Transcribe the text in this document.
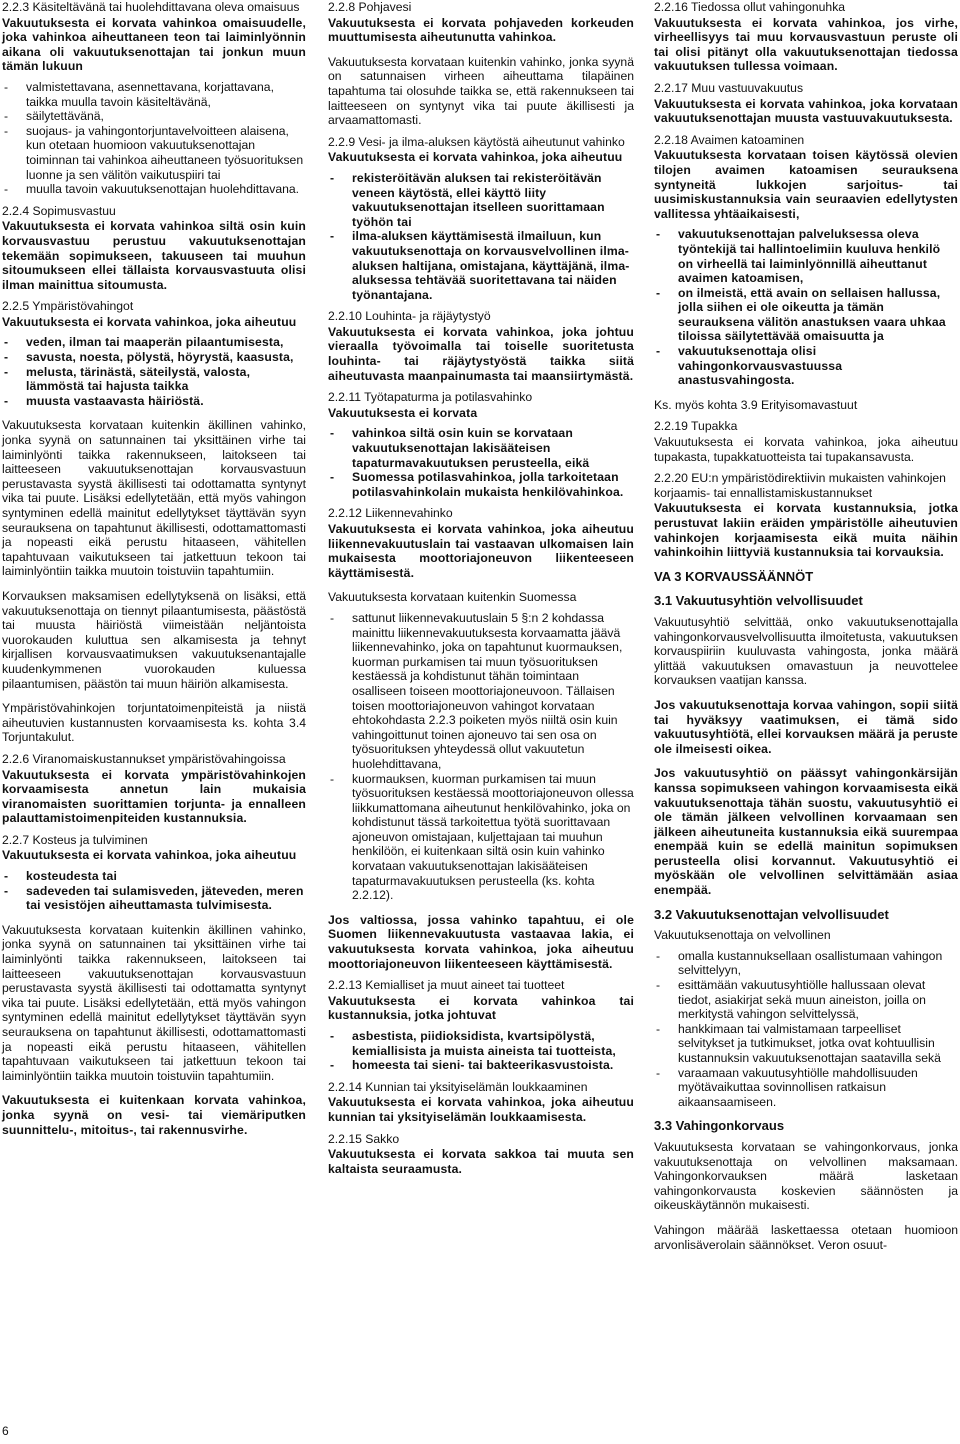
2.2.3 Käsiteltävänä tai huolehdittavana oleva omaisuus
Vakuutuksesta ei korvata vahinkoa omaisuudelle, joka vahinkoa aiheuttaneen teon tai laiminlyönnin aikana oli vakuutuksenottajan tai jonkun muun tämän lukuun
- valmistettavana, asennettavana, korjattavana, taikka muulla tavoin käsiteltävänä,
- säilytettävänä,
- suojaus- ja vahingontorjuntavelvoitteen alaisena, kun otetaan huomioon vakuutuksenottajan toiminnan tai vahinkoa aiheuttaneen työsuorituksen luonne ja sen välitön vaikutuspiiri tai
- muulla tavoin vakuutuksenottajan huolehdittavana.
2.2.4 Sopimusvastuu
Vakuutuksesta ei korvata vahinkoa siltä osin kuin korvausvastuu perustuu vakuutuksenottajan tekemään sopimukseen, takuuseen tai muuhun sitoumukseen ellei tällaista korvausvastuuta olisi ilman mainittua sitoumusta.
2.2.5 Ympäristövahingot
Vakuutuksesta ei korvata vahinkoa, joka aiheutuu
- veden, ilman tai maaperän pilaantumisesta,
- savusta, noesta, pölystä, höyrystä, kaasusta,
- melusta, tärinästä, säteilystä, valosta, lämmöstä tai hajusta taikka
- muusta vastaavasta häiriöstä.
Vakuutuksesta korvataan kuitenkin äkillinen vahinko, jonka syynä on satunnainen tai yksittäinen virhe tai laiminlyönti taikka rakennukseen, laitokseen tai laitteeseen vakuutuksenottajan korvausvastuun perustavasta syystä äkillisesti tai odottamatta syntynyt vika tai puute. Lisäksi edellytetään, että myös vahingon syntyminen edellä mainitut edellytykset täyttävän syyn seurauksena on tapahtunut äkillisesti, odottamattomasti ja nopeasti eikä perustu hitaaseen, vähitellen tapahtuvaan vaikutukseen tai jatkettuun tekoon tai laiminlyöntiin taikka muutoin toistuviin tapahtumiin.
Korvauksen maksamisen edellytyksenä on lisäksi, että vakuutuksenottaja on tiennyt pilaantumisesta, päästöstä tai muusta häiriöstä viimeistään neljäntoista vuorokauden kuluttua sen alkamisesta ja tehnyt kirjallisen korvausvaatimuksen vakuutuksenantajalle kuudenkymmenen vuorokauden kuluessa pilaantumisen, päästön tai muun häiriön alkamisesta.
Ympäristövahinkojen torjuntatoimenpiteistä ja niistä aiheutuvien kustannusten korvaamisesta ks. kohta 3.4 Torjuntakulut.
2.2.6 Viranomaiskustannukset ympäristövahingoissa
Vakuutuksesta ei korvata ympäristövahinkojen korvaamisesta annetun lain mukaisia viranomaisten suorittamien torjunta- ja ennalleen palauttamistoimenpiteiden kustannuksia.
2.2.7 Kosteus ja tulviminen
Vakuutuksesta ei korvata vahinkoa, joka aiheutuu
- kosteudesta tai
- sadeveden tai sulamisveden, jäteveden, meren tai vesistöjen aiheuttamasta tulvimisesta.
Vakuutuksesta korvataan kuitenkin äkillinen vahinko, jonka syynä on satunnainen tai yksittäinen virhe tai laiminlyönti taikka rakennukseen, laitokseen tai laitteeseen vakuutuksenottajan korvausvastuun perustavasta syystä äkillisesti tai odottamatta syntynyt vika tai puute. Lisäksi edellytetään, että myös vahingon syntyminen edellä mainitut edellytykset täyttävän syyn seurauksena on tapahtunut äkillisesti, odottamattomasti ja nopeasti eikä perustu hitaaseen, vähitellen tapahtuvaan vaikutukseen tai jatkettuun tekoon tai laiminlyöntiin taikka muutoin toistuviin tapahtumiin.
Vakuutuksesta ei kuitenkaan korvata vahinkoa, jonka syynä on vesi- tai viemäriputken suunnittelu-, mitoitus-, tai rakennusvirhe.
2.2.8 Pohjavesi
Vakuutuksesta ei korvata pohjaveden korkeuden muuttumisesta aiheutunutta vahinkoa.
Vakuutuksesta korvataan kuitenkin vahinko, jonka syynä on satunnaisen virheen aiheuttama tilapäinen tapahtuma tai olosuhde taikka se, että rakennukseen tai laitteeseen on syntynyt vika tai puute äkillisesti ja arvaamattomasti.
2.2.9 Vesi- ja ilma-aluksen käytöstä aiheutunut vahinko
Vakuutuksesta ei korvata vahinkoa, joka aiheutuu
- rekisteröitävän aluksen tai rekisteröitävän veneen käytöstä, ellei käyttö liity vakuutuksenottajan itselleen suorittamaan työhön tai
- ilma-aluksen käyttämisestä ilmailuun, kun vakuutuksenottaja on korvausvelvollinen ilma-aluksen haltijana, omistajana, käyttäjänä, ilma-aluksessa tehtävää suoritettavana tai näiden työnantajana.
2.2.10 Louhinta- ja räjäytystyö
Vakuutuksesta ei korvata vahinkoa, joka johtuu vieraalla työvoimalla tai toiselle suoritetusta louhinta- tai räjäytystyöstä taikka siitä aiheutuvasta maanpainumasta tai maansiirtymästä.
2.2.11 Työtapaturma ja potilasvahinko
Vakuutuksesta ei korvata
- vahinkoa siltä osin kuin se korvataan vakuutuksenottajan lakisääteisen tapaturmavakuutuksen perusteella, eikä
- Suomessa potilasvahinkoa, jolla tarkoitetaan potilasvahinkolain mukaista henkilövahinkoa.
2.2.12 Liikennevahinko
Vakuutuksesta ei korvata vahinkoa, joka aiheutuu liikennevakuutuslain tai vastaavan ulkomaisen lain mukaisesta moottoriajoneuvon liikenteeseen käyttämisestä.
Vakuutuksesta korvataan kuitenkin Suomessa
- sattunut liikennevakuutuslain 5 §:n 2 kohdassa mainittu liikennevakuutuksesta korvaamatta jäävä liikennevahinko, joka on tapahtunut kuormauksen, kuorman purkamisen tai muun työsuorituksen kestäessä ja kohdistunut tähän toimintaan osalliseen toiseen moottoriajoneuvoon. Tällaisen toisen moottoriajoneuvon vahingot korvataan ehtokohdasta 2.2.3 poiketen myös niiltä osin kuin vahingoittunut toinen ajoneuvo tai sen osa on työsuorituksen yhteydessä ollut vakuutetun huolehdittavana,
- kuormauksen, kuorman purkamisen tai muun työsuorituksen kestäessä moottoriajoneuvon ollessa liikkumattomana aiheutunut henkilövahinko, joka on kohdistunut tässä tarkoitettua työtä suorittavaan ajoneuvon omistajaan, kuljettajaan tai muuhun henkilöön, ei kuitenkaan siltä osin kuin vahinko korvataan vakuutuksenottajan lakisääteisen tapaturmavakuutuksen perusteella (ks. kohta 2.2.12).
Jos valtiossa, jossa vahinko tapahtuu, ei ole Suomen liikennevakuutusta vastaavaa lakia, ei vakuutuksesta korvata vahinkoa, joka aiheutuu moottoriajoneuvon liikenteeseen käyttämisestä.
2.2.13 Kemialliset ja muut aineet tai tuotteet
Vakuutuksesta ei korvata vahinkoa tai kustannuksia, jotka johtuvat
- asbestista, piidioksidista, kvartsipölystä, kemiallisista ja muista aineista tai tuotteista,
- homeesta tai sieni- tai bakteerikasvustoista.
2.2.14 Kunnian tai yksityiselämän loukkaaminen
Vakuutuksesta ei korvata vahinkoa, joka aiheutuu kunnian tai yksityiselämän loukkaamisesta.
2.2.15 Sakko
Vakuutuksesta ei korvata sakkoa tai muuta sen kaltaista seuraamusta.
2.2.16 Tiedossa ollut vahingonuhka
Vakuutuksesta ei korvata vahinkoa, jos virhe, virheellisyys tai muu korvausvastuun peruste oli tai olisi pitänyt olla vakuutuksenottajan tiedossa vakuutuksen tullessa voimaan.
2.2.17 Muu vastuuvakuutus
Vakuutuksesta ei korvata vahinkoa, joka korvataan vakuutuksenottajan muusta vastuuvakuutuksesta.
2.2.18 Avaimen katoaminen
Vakuutuksesta korvataan toisen käytössä olevien tilojen avaimen katoamisen seurauksena syntyneitä lukkojen sarjoitus- tai uusimiskustannuksia vain seuraavien edellytysten vallitessa yhtäaikaisesti,
- vakuutuksenottajan palveluksessa oleva työntekijä tai hallintoelimiin kuuluva henkilö on virheellä tai laiminlyönnillä aiheuttanut avaimen katoamisen,
- on ilmeistä, että avain on sellaisen hallussa, jolla siihen ei ole oikeutta ja tämän seurauksena välitön anastuksen vaara uhkaa tiloissa säilytettävää omaisuutta ja
- vakuutuksenottaja olisi vahingonkorvausvastuussa anastusvahingosta.
Ks. myös kohta 3.9 Erityisomavastuut
2.2.19 Tupakka
Vakuutuksesta ei korvata vahinkoa, joka aiheutuu tupakasta, tupakkatuotteista tai tupakansavusta.
2.2.20 EU:n ympäristödirektiivin mukaisten vahinkojen korjaamis- tai ennallistamiskustannukset
Vakuutuksesta ei korvata kustannuksia, jotka perustuvat lakiin eräiden ympäristölle aiheutuvien vahinkojen korjaamisesta eikä muita näihin vahinkoihin liittyviä kustannuksia tai korvauksia.
VA 3 KORVAUSSÄÄNNÖT
3.1 Vakuutusyhtiön velvollisuudet
Vakuutusyhtiö selvittää, onko vakuutuksenottajalla vahingonkorvausvelvollisuutta ilmoitetusta, vakuutuksen korvauspiiriin kuuluvasta vahingosta, jonka määrä ylittää vakuutuksen omavastuun ja neuvottelee korvauksen vaatijan kanssa.
Jos vakuutuksenottaja korvaa vahingon, sopii siitä tai hyväksyy vaatimuksen, ei tämä sido vakuutusyhtiötä, ellei korvauksen määrä ja peruste ole ilmeisesti oikea.
Jos vakuutusyhtiö on päässyt vahingonkärsijän kanssa sopimukseen vahingon korvaamisesta eikä vakuutuksenottaja tähän suostu, vakuutusyhtiö ei ole tämän jälkeen velvollinen korvaamaan sen jälkeen aiheutuneita kustannuksia eikä suurempaa enempää kuin se edellä mainitun sopimuksen perusteella olisi korvannut. Vakuutusyhtiö ei myöskään ole velvollinen selvittämään asiaa enempää.
3.2 Vakuutuksenottajan velvollisuudet
Vakuutuksenottaja on velvollinen
- omalla kustannuksellaan osallistumaan vahingon selvittelyyn,
- esittämään vakuutusyhtiölle hallussaan olevat tiedot, asiakirjat sekä muun aineiston, joilla on merkitystä vahingon selvittelyssä,
- hankkimaan tai valmistamaan tarpeelliset selvitykset ja tutkimukset, jotka ovat kohtuullisin kustannuksin vakuutuksenottajan saatavilla sekä
- varaamaan vakuutusyhtiölle mahdollisuuden myötävaikuttaa sovinnollisen ratkaisun aikaansaamiseen.
3.3 Vahingonkorvaus
Vakuutuksesta korvataan se vahingonkorvaus, jonka vakuutuksenottaja on velvollinen maksamaan. Vahingonkorvauksen määrä lasketaan vahingonkorvausta koskevien säännösten ja oikeuskäytännön mukaisesti.
Vahingon määrää laskettaessa otetaan huomioon arvonlisäverolain säännökset. Veron osuut-
6
